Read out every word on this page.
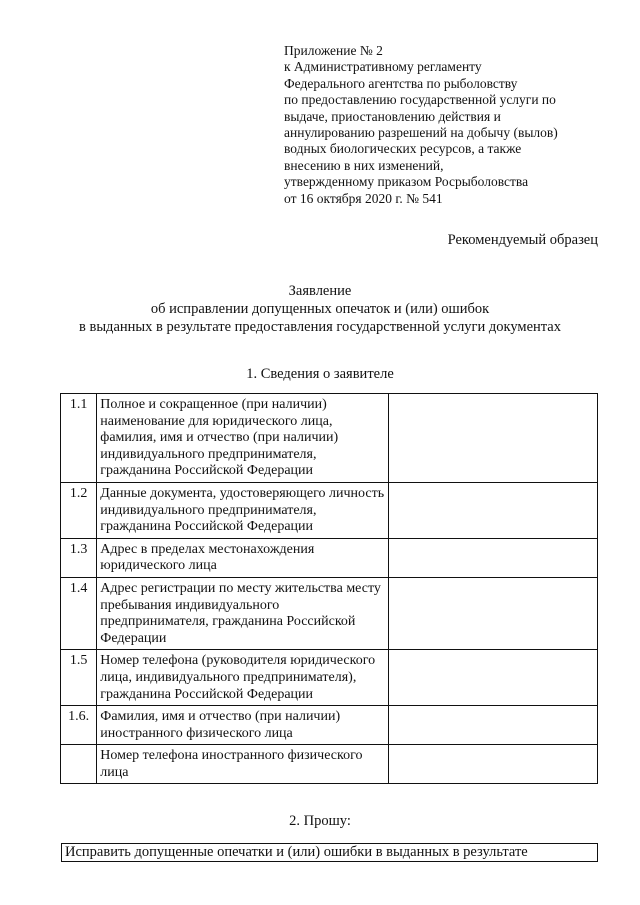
Приложение № 2
к Административному регламенту
Федерального агентства по рыболовству
по предоставлению государственной услуги по
выдаче, приостановлению действия и
аннулированию разрешений на добычу (вылов)
водных биологических ресурсов, а также
внесению в них изменений,
утвержденному приказом Росрыболовства
от 16 октября 2020 г. № 541
Рекомендуемый образец
Заявление
об исправлении допущенных опечаток и (или) ошибок
в выданных в результате предоставления государственной услуги документах
1. Сведения о заявителе
1.1	Полное и сокращенное (при наличии) наименование для юридического лица, фамилия, имя и отчество (при наличии) индивидуального предпринимателя, гражданина Российской Федерации	
1.2	Данные документа, удостоверяющего личность индивидуального предпринимателя, гражданина Российской Федерации	
1.3	Адрес в пределах местонахождения юридического лица	
1.4	Адрес регистрации по месту жительства месту пребывания индивидуального предпринимателя, гражданина Российской Федерации	
1.5	Номер телефона (руководителя юридического лица, индивидуального предпринимателя), гражданина Российской Федерации	
1.6.	Фамилия, имя и отчество (при наличии) иностранного физического лица	
	Номер телефона иностранного физического лица	
2. Прошу:
Исправить допущенные опечатки и (или) ошибки в выданных в результате
